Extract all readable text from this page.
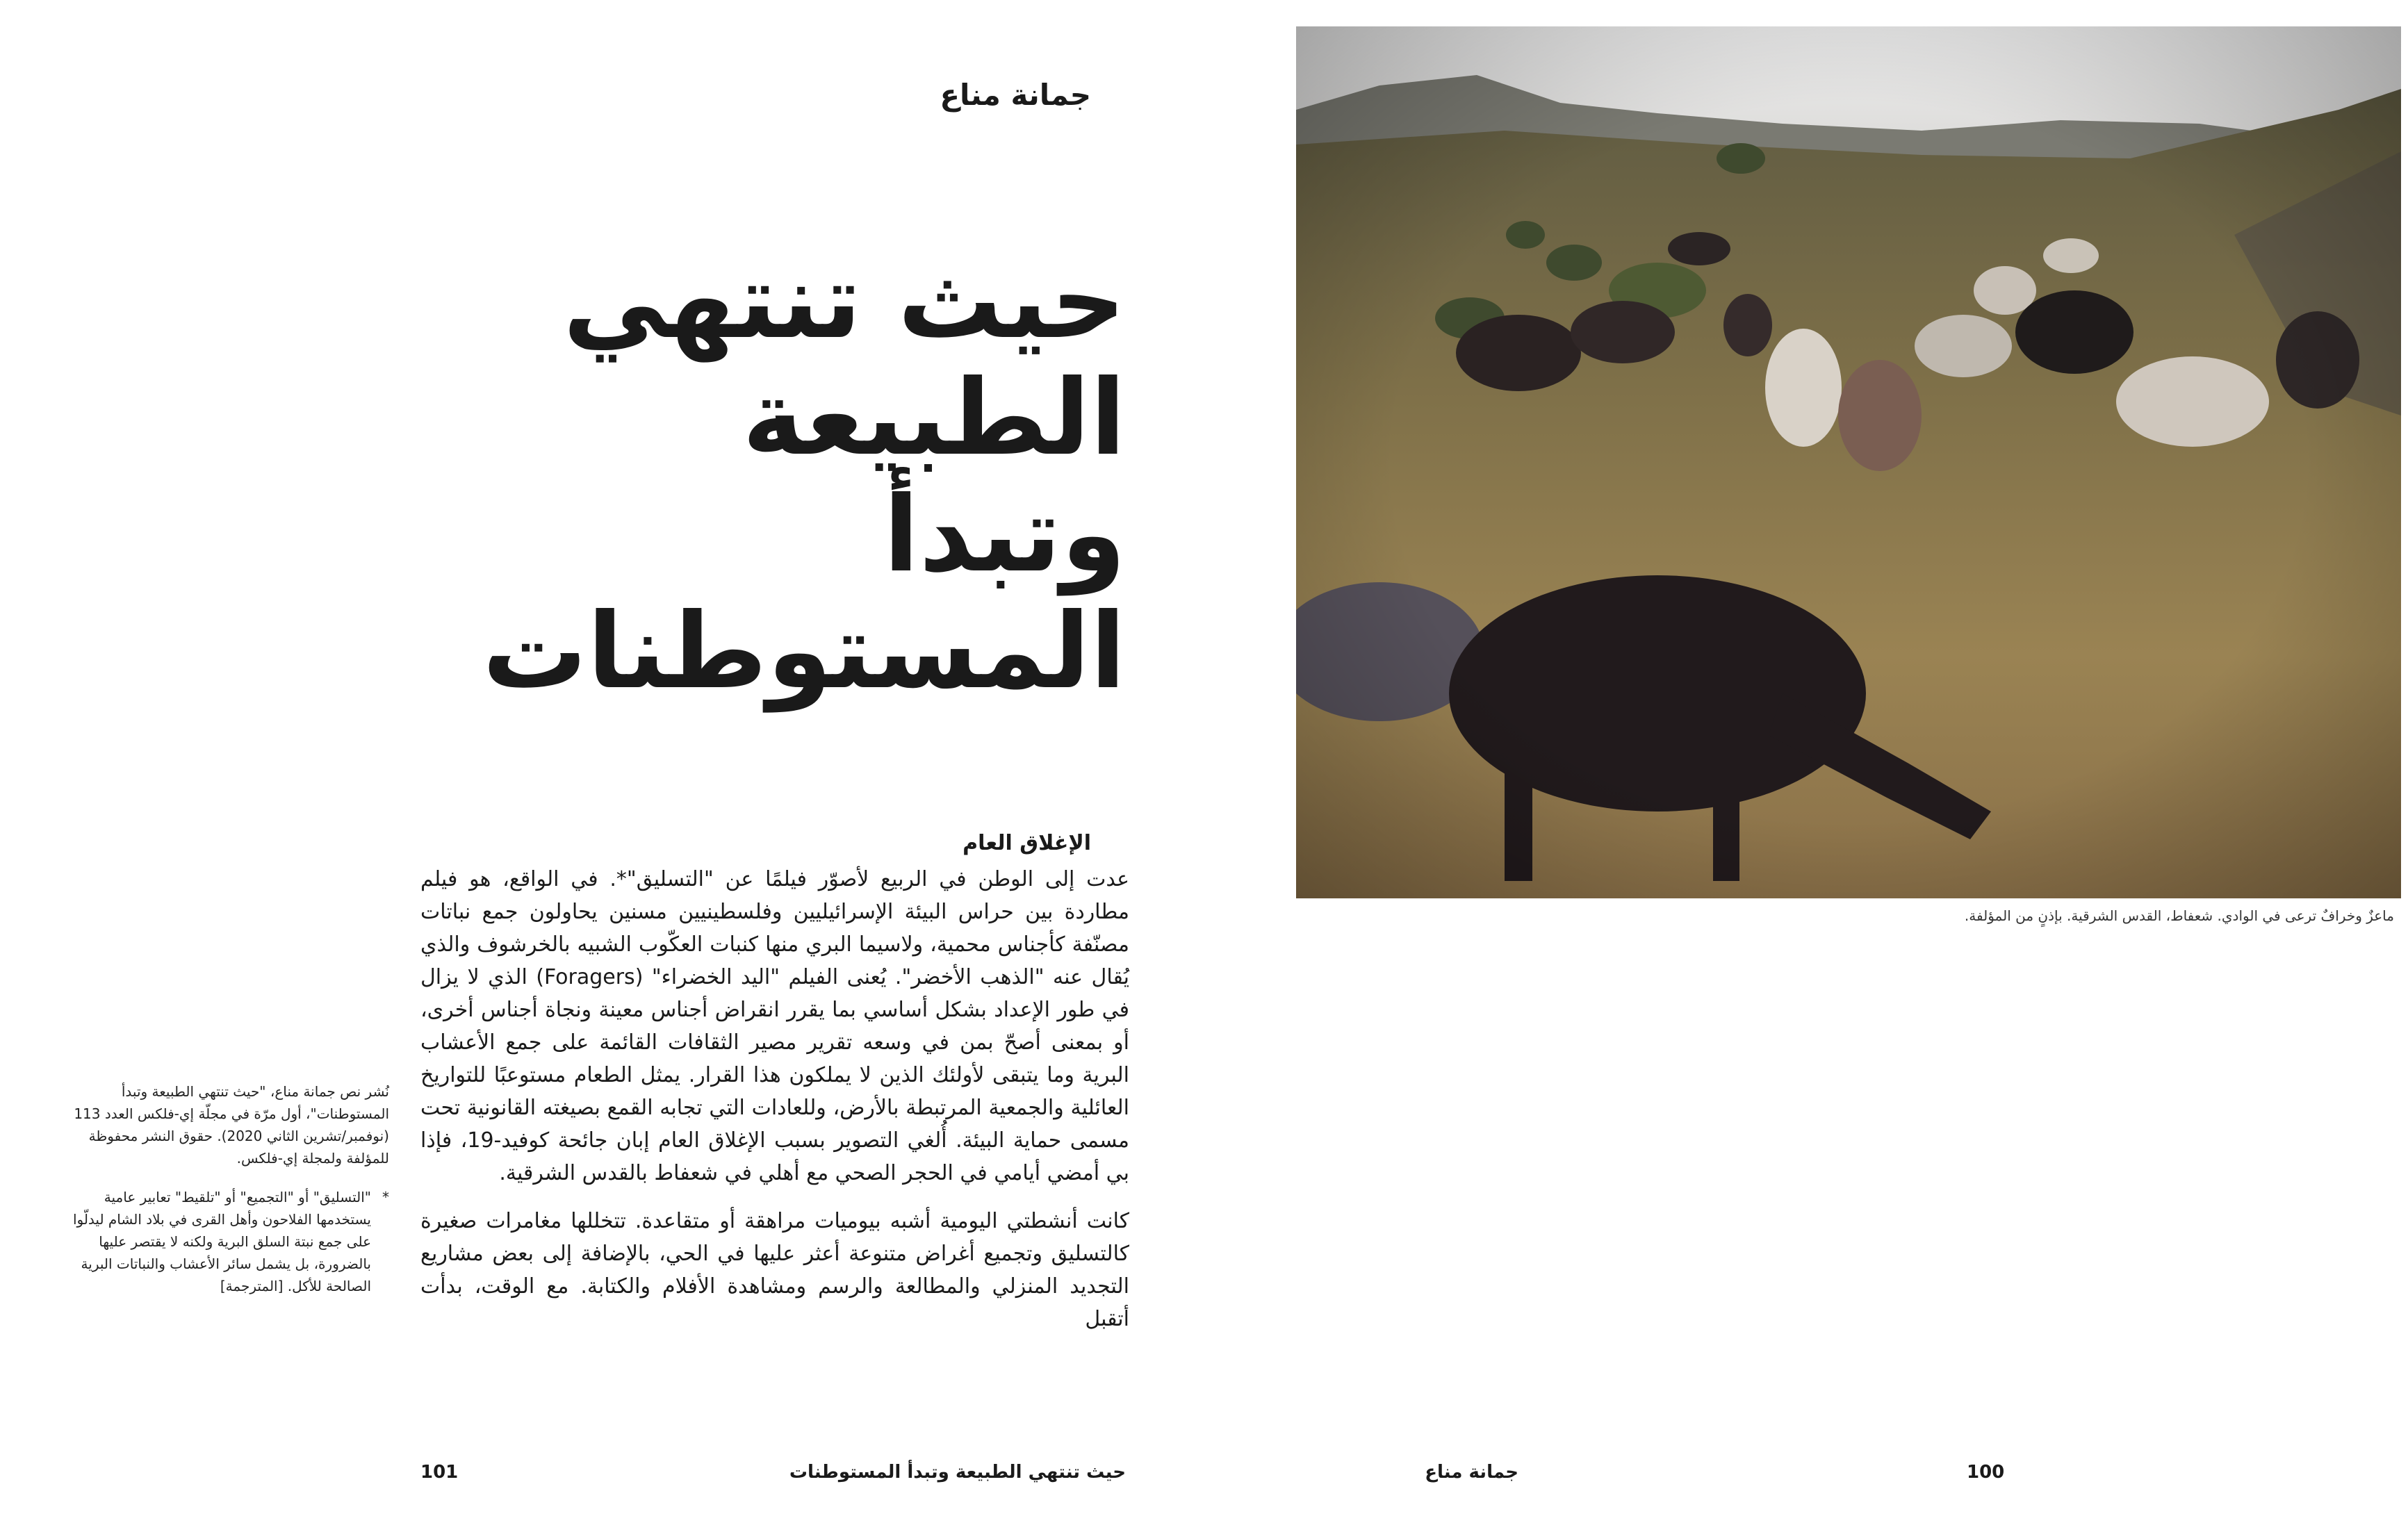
جمانة مناع
حيث تنتهي الطبيعة
وتبدأ المستوطنات
الإغلاق العام

عدت إلى الوطن في الربيع لأصوّر فيلمًا عن "التسليق"*. في الواقع، هو فيلم مطاردة بين حراس البيئة الإسرائيليين وفلسطينيين مسنين يحاولون جمع نباتات مصنّفة كأجناس محمية، ولاسيما البري منها كنبات العكّوب الشبيه بالخرشوف والذي يُقال عنه "الذهب الأخضر". يُعنى الفيلم "اليد الخضراء" (Foragers) الذي لا يزال في طور الإعداد بشكل أساسي بما يقرر انقراض أجناس معينة ونجاة أجناس أخرى، أو بمعنى أصحّ بمن في وسعه تقرير مصير الثقافات القائمة على جمع الأعشاب البرية وما يتبقى لأولئك الذين لا يملكون هذا القرار. يمثل الطعام مستوعبًا للتواريخ العائلية والجمعية المرتبطة بالأرض، وللعادات التي تجابه القمع بصيغته القانونية تحت مسمى حماية البيئة. أُلغي التصوير بسبب الإغلاق العام إبان جائحة كوفيد-19، فإذا بي أمضي أيامي في الحجر الصحي مع أهلي في شعفاط بالقدس الشرقية.

كانت أنشطتي اليومية أشبه بيوميات مراهقة أو متقاعدة. تتخللها مغامرات صغيرة كالتسليق وتجميع أغراض متنوعة أعثر عليها في الحي، بالإضافة إلى بعض مشاريع التجديد المنزلي والمطالعة والرسم ومشاهدة الأفلام والكتابة. مع الوقت، بدأت أتقبل

نُشر نص جمانة مناع، "حيث تنتهي الطبيعة وتبدأ المستوطنات"، أول مرّة في مجلّة إي-فلكس العدد 113 (نوفمبر/تشرين الثاني 2020). حقوق النشر محفوظة للمؤلفة ولمجلة إي-فلكس.

*
"التسليق" أو "التجميع" أو "تلقيط" تعابير عامية يستخدمها الفلاحون وأهل القرى في بلاد الشام ليدلّوا على جمع نبتة السلق البرية ولكنه لا يقتصر عليها بالضرورة، بل يشمل سائر الأعشاب والنباتات البرية الصالحة للأكل. [المترجمة]

101	حيث تنتهي الطبيعة وتبدأ المستوطنات
ماعزٌ وخرافٌ ترعى في الوادي. شعفاط، القدس الشرقية. بإذنٍ من المؤلفة.
جمانة مناع	100
